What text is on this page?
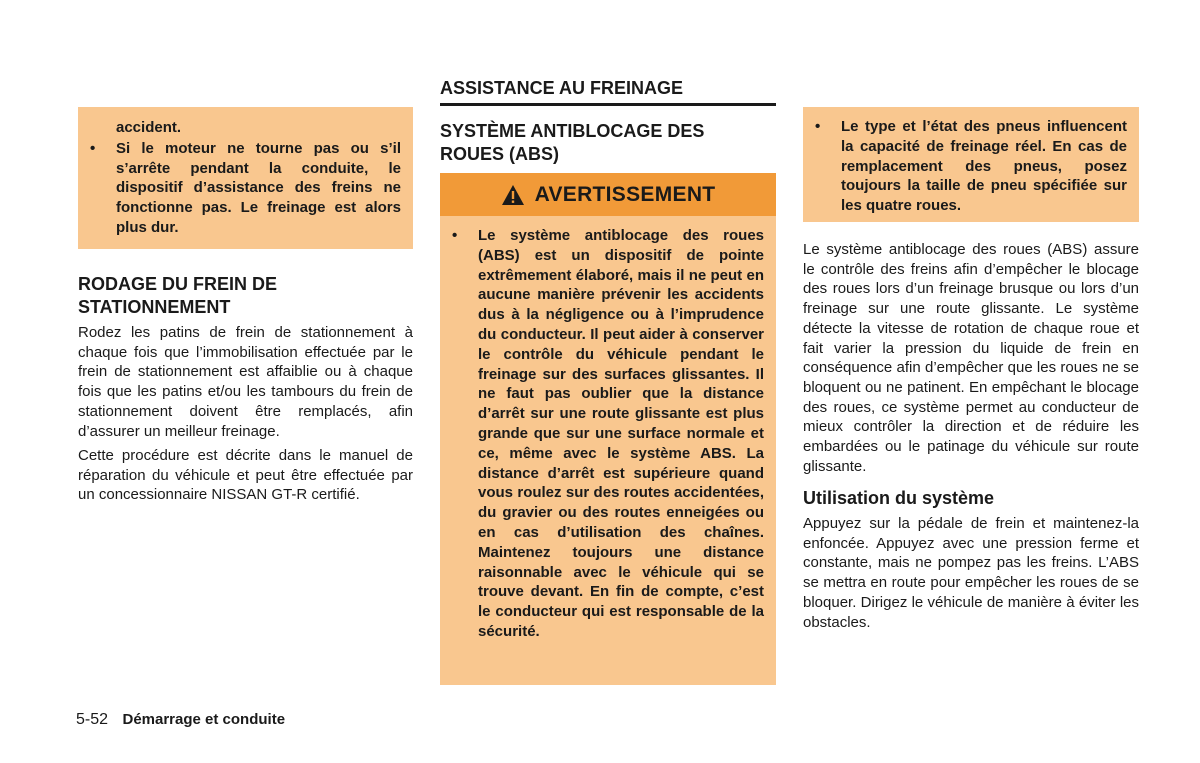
accident.
• Si le moteur ne tourne pas ou s’il s’arrête pendant la conduite, le dispositif d’assistance des freins ne fonctionne pas. Le freinage est alors plus dur.
RODAGE DU FREIN DE STATIONNEMENT

Rodez les patins de frein de stationnement à chaque fois que l’immobilisation effectuée par le frein de stationnement est affaiblie ou à chaque fois que les patins et/ou les tambours du frein de stationnement doivent être remplacés, afin d’assurer un meilleur freinage.

Cette procédure est décrite dans le manuel de réparation du véhicule et peut être effectuée par un concessionnaire NISSAN GT-R certifié.

ASSISTANCE AU FREINAGE
SYSTÈME ANTIBLOCAGE DES ROUES (ABS)
AVERTISSEMENT
• Le système antiblocage des roues (ABS) est un dispositif de pointe extrêmement élaboré, mais il ne peut en aucune manière prévenir les accidents dus à la négligence ou à l’imprudence du conducteur. Il peut aider à conserver le contrôle du véhicule pendant le freinage sur des surfaces glissantes. Il ne faut pas oublier que la distance d’arrêt sur une route glissante est plus grande que sur une surface normale et ce, même avec le système ABS. La distance d’arrêt est supérieure quand vous roulez sur des routes accidentées, du gravier ou des routes enneigées ou en cas d’utilisation des chaînes. Maintenez toujours une distance raisonnable avec le véhicule qui se trouve devant. En fin de compte, c’est le conducteur qui est responsable de la sécurité.
• Le type et l’état des pneus influencent la capacité de freinage réel. En cas de remplacement des pneus, posez toujours la taille de pneu spécifiée sur les quatre roues.

Le système antiblocage des roues (ABS) assure le contrôle des freins afin d’empêcher le blocage des roues lors d’un freinage brusque ou lors d’un freinage sur une route glissante. Le système détecte la vitesse de rotation de chaque roue et fait varier la pression du liquide de frein en conséquence afin d’empêcher que les roues ne se bloquent ou ne patinent. En empêchant le blocage des roues, ce système permet au conducteur de mieux contrôler la direction et de réduire les embardées ou le patinage du véhicule sur route glissante.

Utilisation du système

Appuyez sur la pédale de frein et maintenez-la enfoncée. Appuyez avec une pression ferme et constante, mais ne pompez pas les freins. L’ABS se mettra en route pour empêcher les roues de se bloquer. Dirigez le véhicule de manière à éviter les obstacles.

5-52 Démarrage et conduite
